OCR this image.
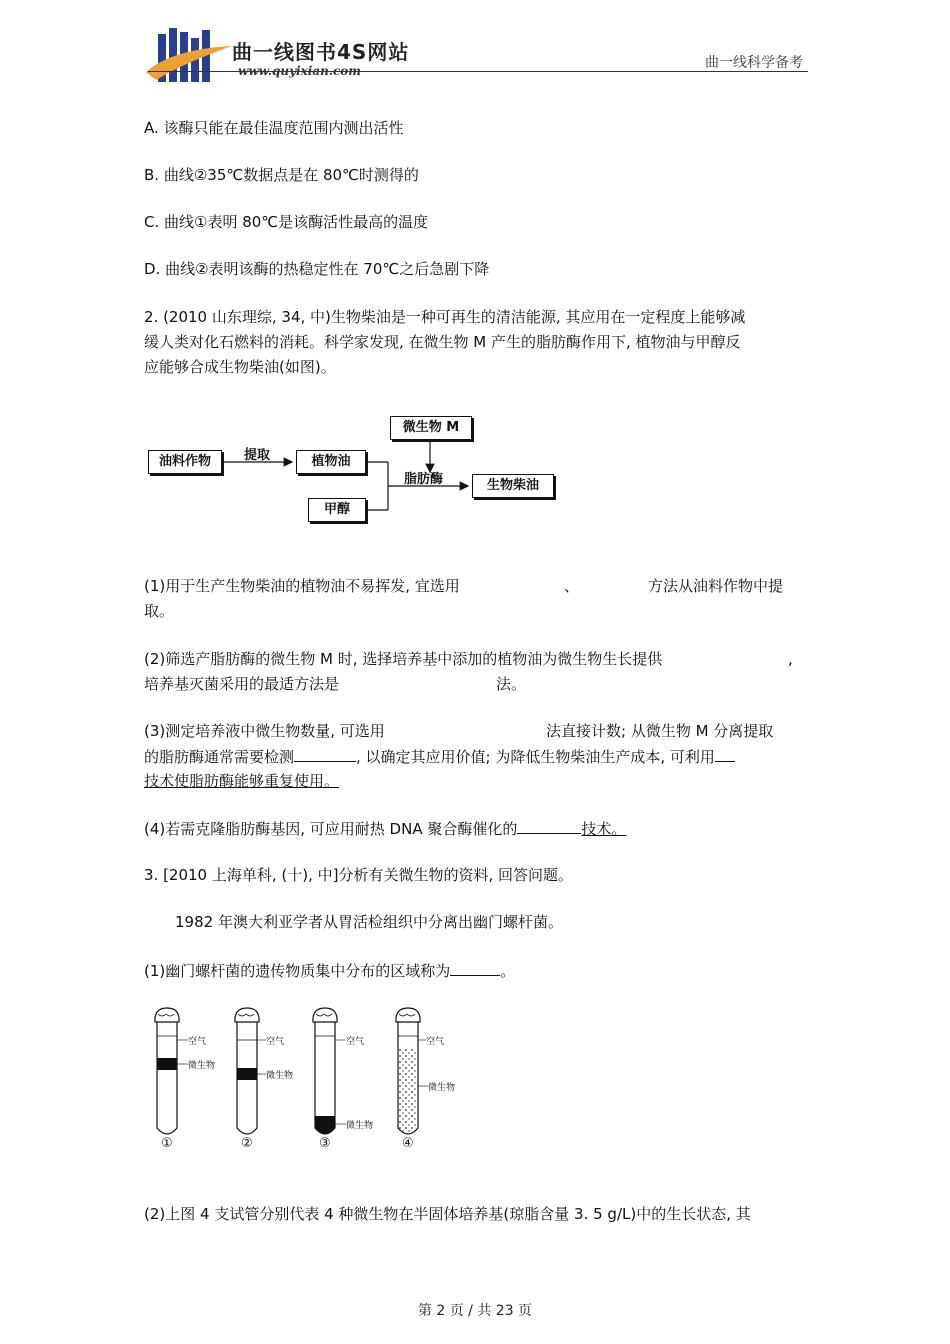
曲一线图书4S网站
www.quyixian.com	曲一线科学备考
A. 该酶只能在最佳温度范围内测出活性
B. 曲线②35℃数据点是在 80℃时测得的
C. 曲线①表明 80℃是该酶活性最高的温度
D. 曲线②表明该酶的热稳定性在 70℃之后急剧下降
2. (2010 山东理综, 34, 中)生物柴油是一种可再生的清洁能源, 其应用在一定程度上能够减
缓人类对化石燃料的消耗。科学家发现, 在微生物 M 产生的脂肪酶作用下, 植物油与甲醇反
应能够合成生物柴油(如图)。
油料作物	提取	植物油
微生物 M
甲醇
脂肪酶	生物柴油
(1)用于生产生物柴油的植物油不易挥发, 宜选用	、	方法从油料作物中提
取。
(2)筛选产脂肪酶的微生物 M 时, 选择培养基中添加的植物油为微生物生长提供	,
培养基灭菌采用的最适方法是	法。
(3)测定培养液中微生物数量, 可选用	法直接计数; 从微生物 M 分离提取
的脂肪酶通常需要检测	, 以确定其应用价值; 为降低生物柴油生产成本, 可利用
技术使脂肪酶能够重复使用。
(4)若需克隆脂肪酶基因, 可应用耐热 DNA 聚合酶催化的	技术。
3. [2010 上海单科, (十), 中]分析有关微生物的资料, 回答问题。
1982 年澳大利亚学者从胃活检组织中分离出幽门螺杆菌。
(1)幽门螺杆菌的遗传物质集中分布的区域称为	。
空气
微生物
空气
微生物
空气
微生物
空气
微生物
①	②	③	④
(2)上图 4 支试管分别代表 4 种微生物在半固体培养基(琼脂含量 3. 5 g/L)中的生长状态, 其
第 2 页 / 共 23 页
